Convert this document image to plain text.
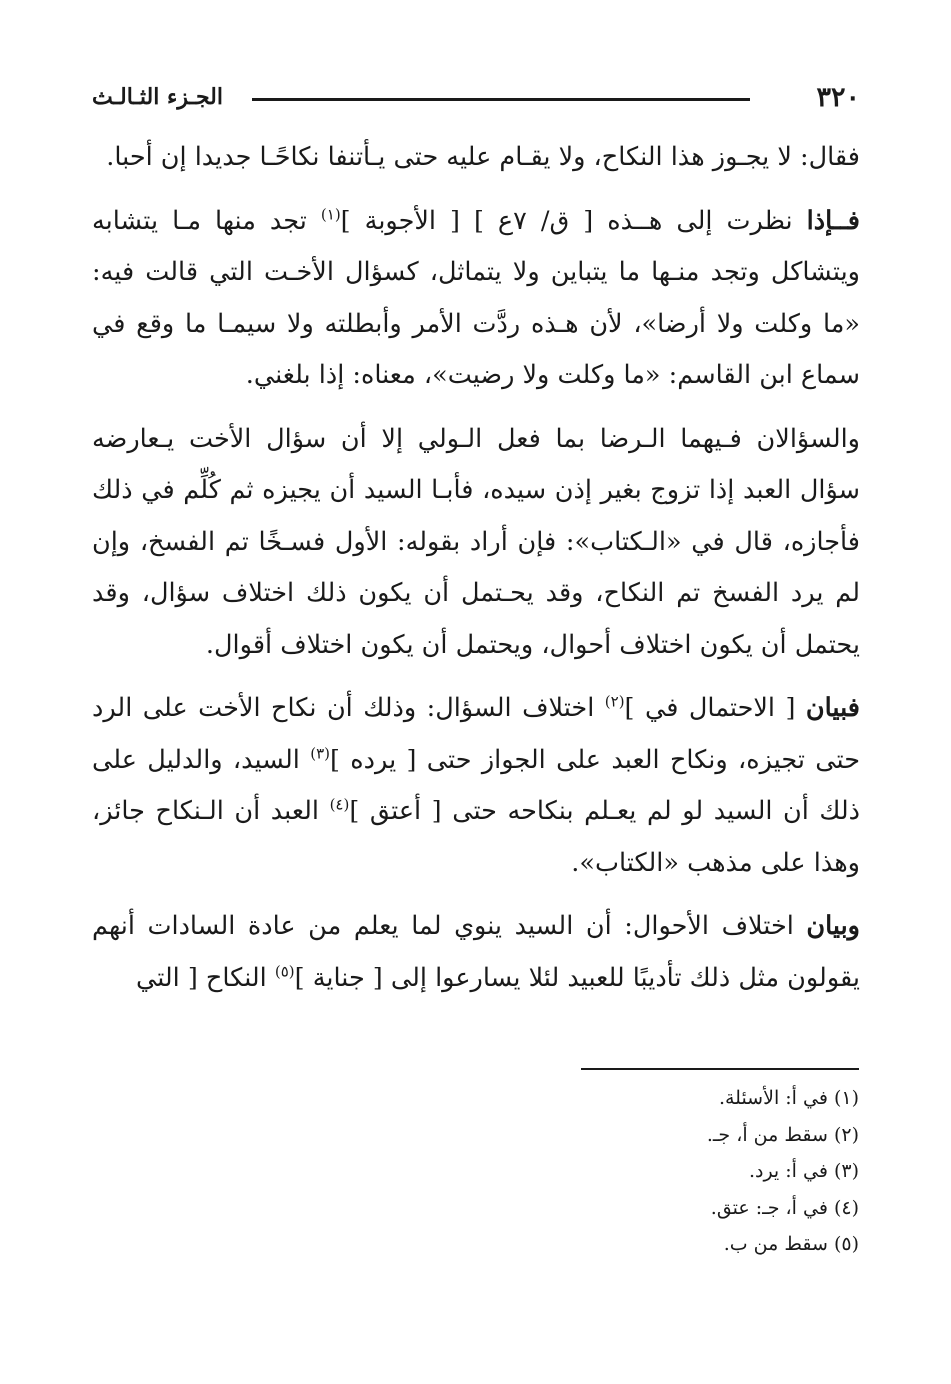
٣٢٠
الجـزء الثـالـث

فقال: لا يجـوز هذا النكاح، ولا يقـام عليه حتى يـأتنفا نكاحًـا جديدا إن أحبا.

فــإذا نظرت إلى هــذه [ ق/ ٧ع ] [ الأجوبة ]$^{(١)}$ تجد منها مـا يتشابه ويتشاكل وتجد منـها ما يتباين ولا يتماثل، كسؤال الأخـت التي قالت فيه: «ما وكلت ولا أرضا»، لأن هـذه ردَّت الأمر وأبطلته ولا سيمـا ما وقع في سماع ابن القاسم: «ما وكلت ولا رضيت»، معناه: إذا بلغني.

والسؤالان فـيهما الـرضا بما فعل الـولي إلا أن سؤال الأخت يـعارضه سؤال العبد إذا تزوج بغير إذن سيده، فأبـا السيد أن يجيزه ثم كُلِّم في ذلك فأجازه، قال في «الـكتاب»: فإن أراد بقوله: الأول فسـخًا تم الفسخ، وإن لم يرد الفسخ تم النكاح، وقد يحـتمل أن يكون ذلك اختلاف سؤال، وقد يحتمل أن يكون اختلاف أحوال، ويحتمل أن يكون اختلاف أقوال.

فبيان [ الاحتمال في ]$^{(٢)}$ اختلاف السؤال: وذلك أن نكاح الأخت على الرد حتى تجيزه، ونكاح العبد على الجواز حتى [ يرده ]$^{(٣)}$ السيد، والدليل على ذلك أن السيد لو لم يعـلم بنكاحه حتى [ أعتق ]$^{(٤)}$ العبد أن الـنكاح جائز، وهذا على مذهب «الكتاب».

وبيان اختلاف الأحوال: أن السيد ينوي لما يعلم من عادة السادات أنهم يقولون مثل ذلك تأديبًا للعبيد لئلا يسارعوا إلى [ جناية ]$^{(٥)}$ النكاح [ التي

(١) في أ: الأسئلة.
(٢) سقط من أ، جـ.
(٣) في أ: يرد.
(٤) في أ، جـ: عتق.
(٥) سقط من ب.
